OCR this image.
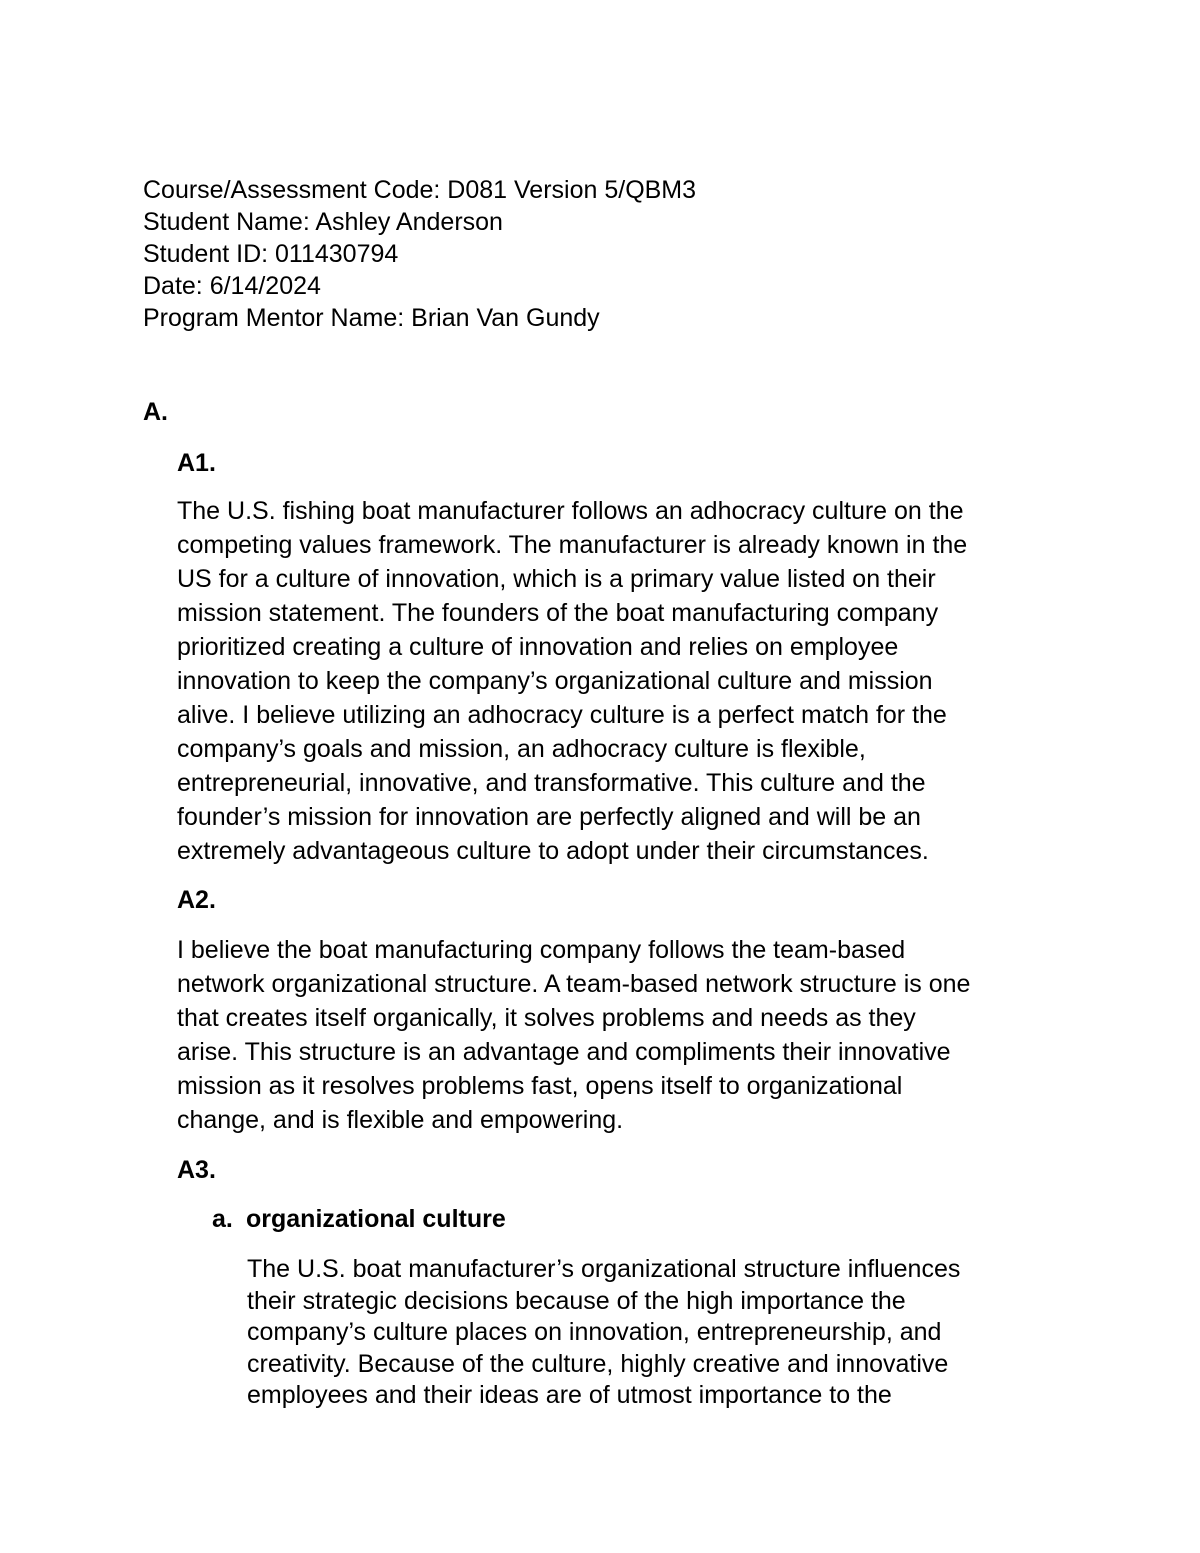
Course/Assessment Code: D081 Version 5/QBM3
Student Name: Ashley Anderson
Student ID: 011430794
Date: 6/14/2024
Program Mentor Name: Brian Van Gundy
A.
A1.
The U.S. fishing boat manufacturer follows an adhocracy culture on the
competing values framework. The manufacturer is already known in the
US for a culture of innovation, which is a primary value listed on their
mission statement. The founders of the boat manufacturing company
prioritized creating a culture of innovation and relies on employee
innovation to keep the company’s organizational culture and mission
alive. I believe utilizing an adhocracy culture is a perfect match for the
company’s goals and mission, an adhocracy culture is flexible,
entrepreneurial, innovative, and transformative. This culture and the
founder’s mission for innovation are perfectly aligned and will be an
extremely advantageous culture to adopt under their circumstances.
A2.
I believe the boat manufacturing company follows the team-based
network organizational structure. A team-based network structure is one
that creates itself organically, it solves problems and needs as they
arise. This structure is an advantage and compliments their innovative
mission as it resolves problems fast, opens itself to organizational
change, and is flexible and empowering.
A3.
a. organizational culture
The U.S. boat manufacturer’s organizational structure influences
their strategic decisions because of the high importance the
company’s culture places on innovation, entrepreneurship, and
creativity. Because of the culture, highly creative and innovative
employees and their ideas are of utmost importance to the
